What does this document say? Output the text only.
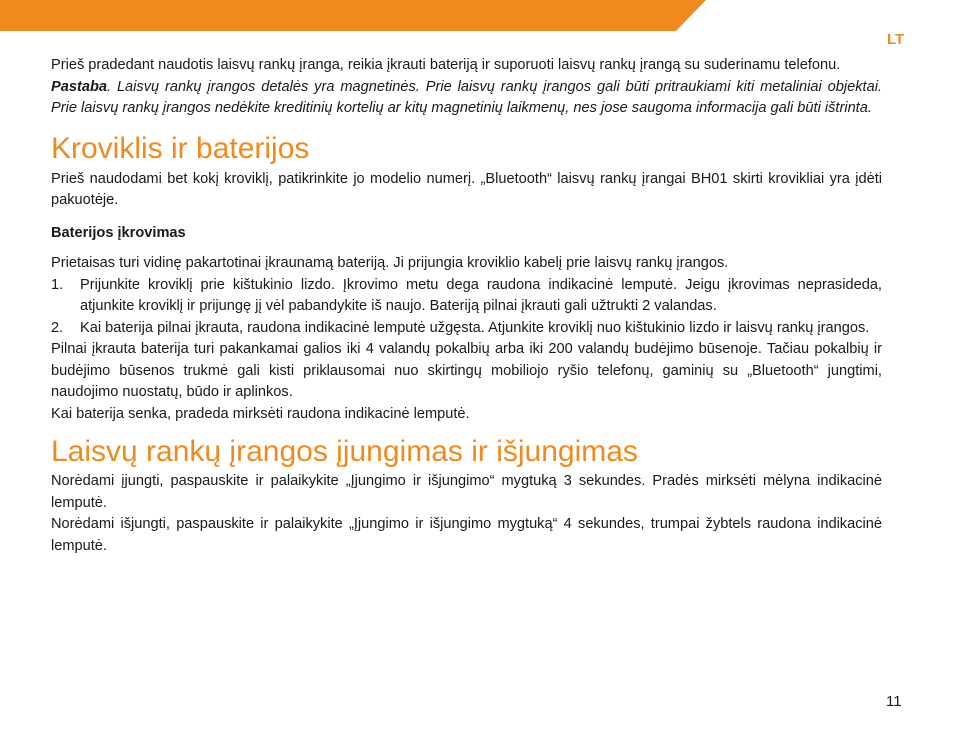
LT

Prieš pradedant naudotis laisvų rankų įranga, reikia įkrauti bateriją ir suporuoti laisvų rankų įrangą su suderinamu telefonu.

Pastaba. Laisvų rankų įrangos detalės yra magnetinės. Prie laisvų rankų įrangos gali būti pritraukiami kiti metaliniai objektai. Prie laisvų rankų įrangos nedėkite kreditinių kortelių ar kitų magnetinių laikmenų, nes jose saugoma informacija gali būti ištrinta.

Kroviklis ir baterijos

Prieš naudodami bet kokį kroviklį, patikrinkite jo modelio numerį. „Bluetooth“ laisvų rankų įrangai BH01 skirti krovikliai yra įdėti pakuotėje.

Baterijos įkrovimas

Prietaisas turi vidinę pakartotinai įkraunamą bateriją. Ji prijungia kroviklio kabelį prie laisvų rankų įrangos.

1. Prijunkite kroviklį prie kištukinio lizdo. Įkrovimo metu dega raudona indikacinė lemputė. Jeigu įkrovimas neprasideda, atjunkite kroviklį ir prijungę jį vėl pabandykite iš naujo. Bateriją pilnai įkrauti gali užtrukti 2 valandas.
2. Kai baterija pilnai įkrauta, raudona indikacinė lemputė užgęsta. Atjunkite kroviklį nuo kištukinio lizdo ir laisvų rankų įrangos.

Pilnai įkrauta baterija turi pakankamai galios iki 4 valandų pokalbių arba iki 200 valandų budėjimo būsenoje. Tačiau pokalbių ir budėjimo būsenos trukmė gali kisti priklausomai nuo skirtingų mobiliojo ryšio telefonų, gaminių su „Bluetooth“ jungtimi, naudojimo nuostatų, būdo ir aplinkos.

Kai baterija senka, pradeda mirksėti raudona indikacinė lemputė.

Laisvų rankų įrangos įjungimas ir išjungimas

Norėdami įjungti, paspauskite ir palaikykite „Įjungimo ir išjungimo“ mygtuką 3 sekundes. Pradės mirksėti mėlyna indikacinė lemputė.

Norėdami išjungti, paspauskite ir palaikykite „Įjungimo ir išjungimo mygtuką“ 4 sekundes, trumpai žybtels raudona indikacinė lemputė.

11
